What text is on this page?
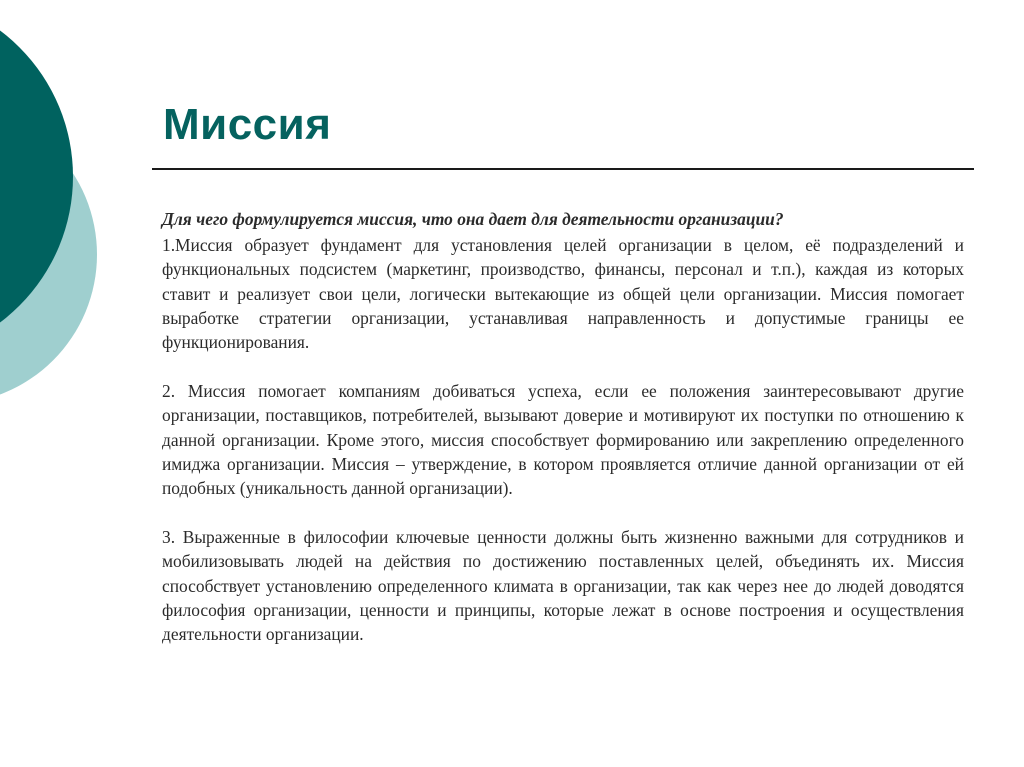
Миссия

Для чего формулируется миссия, что она дает для деятельности организации?

1.Миссия образует фундамент для установления целей организации в целом, её подразделений и функциональных подсистем (маркетинг, производство, финансы, персонал и т.п.), каждая из которых ставит и реализует свои цели, логически вытекающие из общей цели организации. Миссия помогает выработке стратегии организации, устанавливая направленность и допустимые границы ее функционирования.

2. Миссия помогает компаниям добиваться успеха, если ее положения заинтересовывают другие организации, поставщиков, потребителей, вызывают доверие и мотивируют их поступки по отношению к данной организации. Кроме этого, миссия способствует формированию или закреплению определенного имиджа организации. Миссия – утверждение, в котором проявляется отличие данной организации от ей подобных (уникальность данной организации).

3. Выраженные в философии ключевые ценности должны быть жизненно важными для сотрудников и мобилизовывать людей на действия по достижению поставленных целей, объединять их. Миссия способствует установлению определенного климата в организации, так как через нее до людей доводятся философия организации, ценности и принципы, которые лежат в основе построения и осуществления деятельности организации.
